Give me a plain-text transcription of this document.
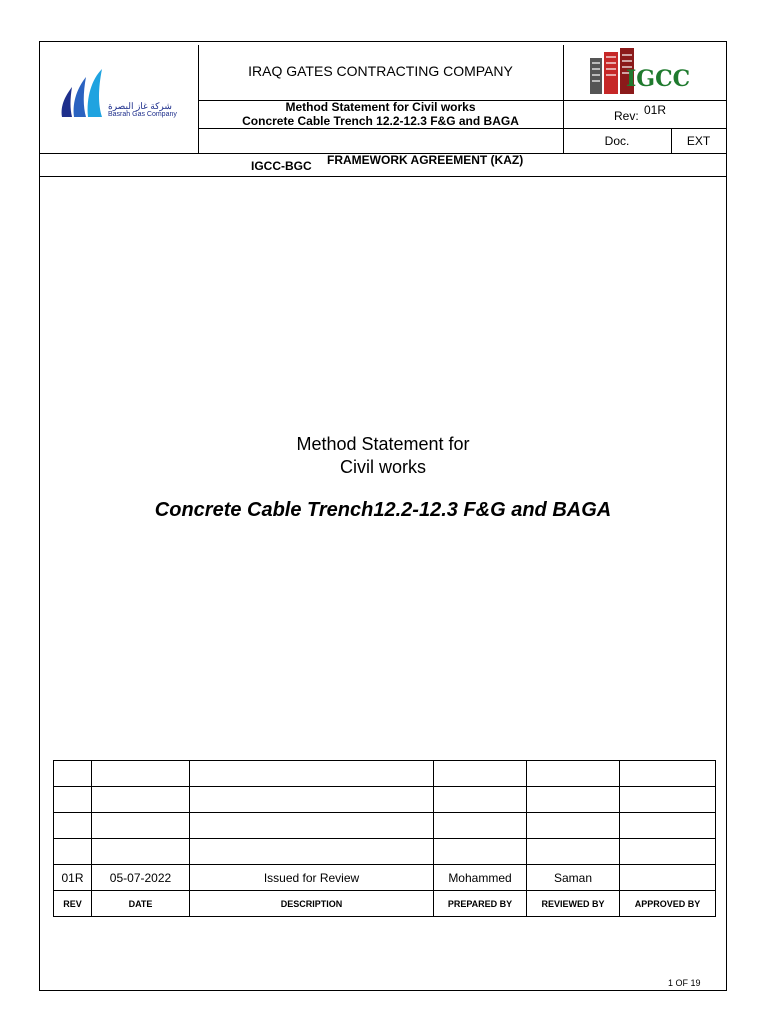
شركة غاز البصرة
Basrah Gas Company
IRAQ GATES CONTRACTING COMPANY
Method Statement for Civil works
Concrete Cable Trench 12.2-12.3 F&G and BAGA
IGCC
Rev: 01R
Doc.	EXT
IGCC-BGC FRAMEWORK AGREEMENT (KAZ)
Method Statement for
Civil works
Concrete Cable Trench12.2-12.3 F&G and BAGA

01R	05-07-2022	Issued for Review	Mohammed	Saman	
REV	DATE	DESCRIPTION	PREPARED BY	REVIEWED BY	APPROVED BY
1 OF 19
